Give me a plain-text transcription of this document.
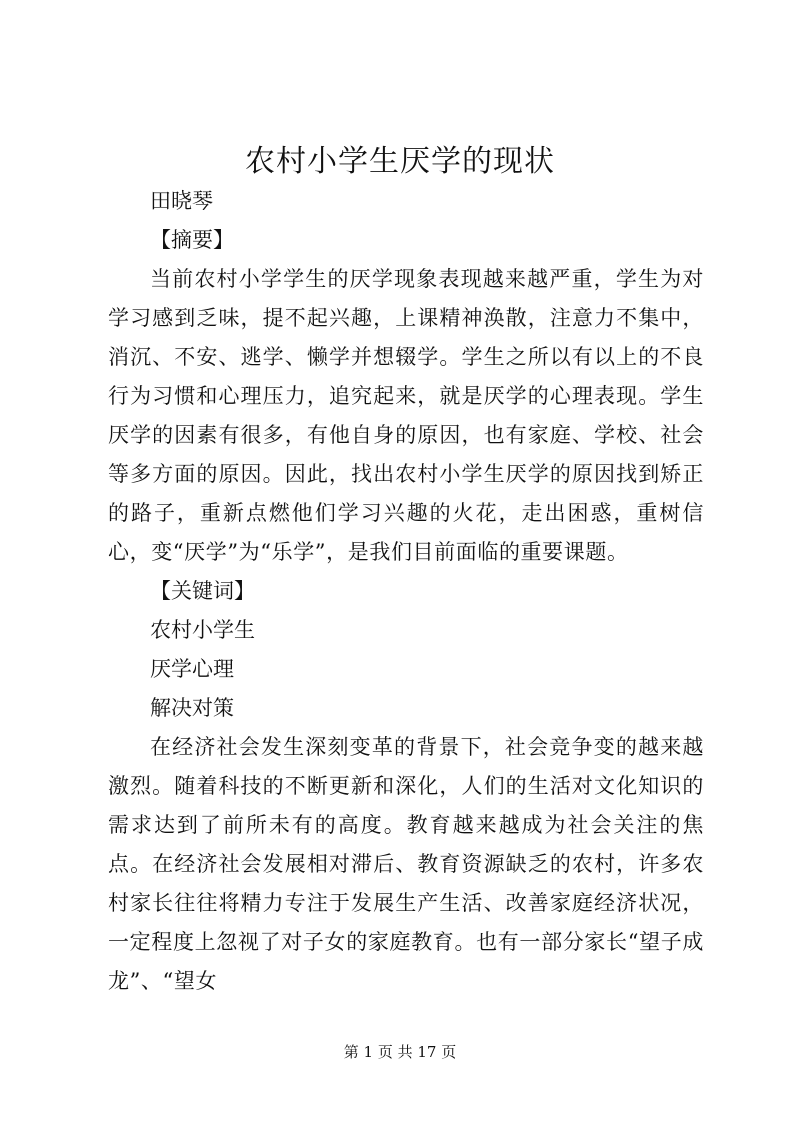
农村小学生厌学的现状

田晓琴

【摘要】

当前农村小学学生的厌学现象表现越来越严重，学生为对学习感到乏味，提不起兴趣，上课精神涣散，注意力不集中，消沉、不安、逃学、懒学并想辍学。学生之所以有以上的不良行为习惯和心理压力，追究起来，就是厌学的心理表现。学生厌学的因素有很多，有他自身的原因，也有家庭、学校、社会等多方面的原因。因此，找出农村小学生厌学的原因找到矫正的路子，重新点燃他们学习兴趣的火花，走出困惑，重树信心，变“厌学”为“乐学”，是我们目前面临的重要课题。

【关键词】

农村小学生

厌学心理

解决对策

在经济社会发生深刻变革的背景下，社会竞争变的越来越激烈。随着科技的不断更新和深化，人们的生活对文化知识的需求达到了前所未有的高度。教育越来越成为社会关注的焦点。在经济社会发展相对滞后、教育资源缺乏的农村，许多农村家长往往将精力专注于发展生产生活、改善家庭经济状况，一定程度上忽视了对子女的家庭教育。也有一部分家长“望子成龙”、“望女

第 1 页 共 17 页
